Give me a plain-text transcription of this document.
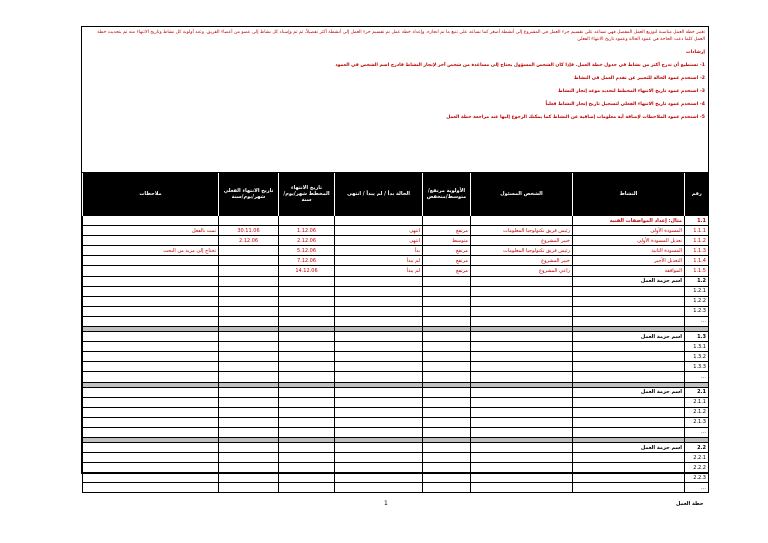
تعتبر خطة العمل مناسبة لتوزيع العمل المفصل فهي تساعد على تقسيم جزء العمل في المشروع إلى أنشطة أصغر كما تساعد على تتبع ما تم انجازه. وإعداد خطة عمل تم تقسيم جزء العمل إلى أنشطة أكثر تفصيلاً، ثم تم وإسناد كل نشاط إلى عضو من أعضاء الفريق. وعند أولوية كل نشاط وتاريخ الانتهاء منه ثم بتحديث خطة العمل كلما دعت الحاجة في عمود الحالة وعمود تاريخ الانتهاء الفعلي

إرشادات

1- تستطيع أن تدرج أكثر من نشاط في جدول خطة العمل. فإذا كان الشخص المسؤول يحتاج إلى مساعدة من شخص آخر لإنجاز النشاط فادرج اسم الشخص في العمود

2- استخدم عمود الحالة للتعبير عن تقدم العمل في النشاط

3- استخدم عمود تاريخ الانتهاء المخطط لتحديد موعد إنجاز النشاط

4- استخدم عمود تاريخ الانتهاء الفعلي لتسجيل تاريخ إنجاز النشاط فعلياً

5- استخدم عمود الملاحظات لإضافة أية معلومات إضافية عن النشاط كما يمكنك الرجوع إليها عند مراجعة خطة العمل

رقم	النشاط	الشخص المسئول	الأولوية مرتفع/متوسط/منخفض	الحالة بدأ / لم يبدأ / انتهى	تاريخ الانتهاء المخطط شهر/يوم/سنة	تاريخ الانتهاء الفعلي شهر/يوم/سنة	ملاحظات
1.1	مثال: إعداد المواصفات الفنية						
1.1.1	المسودة الأولى	رئيس فريق تكنولوجيا المعلومات	مرتفع	انتهى	1.12.06	30.11.06	تمت بالفعل
1.1.2	تعديل المسودة الأولى	خبير المشروع	متوسط	انتهى	2.12.06	2.12.06	
1.1.3	المسودة الثانية	رئيس فريق تكنولوجيا المعلومات	مرتفع	بدأ	5.12.06		تحتاج إلى مزيد من البحث
1.1.4	التعديل الأخير	خبير المشروع	مرتفع	لم يبدأ	7.12.06		
1.1.5	الموافقة	راعي المشروع	مرتفع	لم يبدأ	14.12.06		
1.2	اسم حزمة العمل						
1.2.1							
1.2.2							
1.2.3							
…							

1.3	اسم حزمة العمل						
1.3.1							
1.3.2							
1.3.3							
…							

2.1	اسم حزمة العمل						
2.1.1							
2.1.2							
2.1.3							
…							

2.2	اسم حزمة العمل						
2.2.1							
2.2.2							
2.2.3							
…							
1	خطة العمل
